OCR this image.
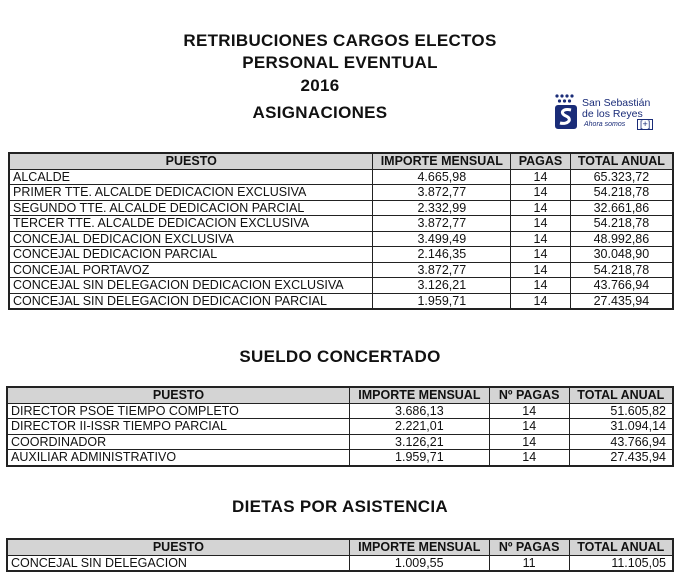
RETRIBUCIONES CARGOS ELECTOS
PERSONAL EVENTUAL
2016
ASIGNACIONES	San Sebastián
de los Reyes
Ahora somos	[+]
PUESTO	IMPORTE MENSUAL	PAGAS	TOTAL ANUAL
ALCALDE	4.665,98	14	65.323,72
PRIMER TTE. ALCALDE DEDICACION EXCLUSIVA	3.872,77	14	54.218,78
SEGUNDO TTE. ALCALDE DEDICACION PARCIAL	2.332,99	14	32.661,86
TERCER TTE. ALCALDE DEDICACION EXCLUSIVA	3.872,77	14	54.218,78
CONCEJAL DEDICACION EXCLUSIVA	3.499,49	14	48.992,86
CONCEJAL DEDICACION PARCIAL	2.146,35	14	30.048,90
CONCEJAL PORTAVOZ	3.872,77	14	54.218,78
CONCEJAL SIN DELEGACION DEDICACION EXCLUSIVA	3.126,21	14	43.766,94
CONCEJAL SIN DELEGACION DEDICACION PARCIAL	1.959,71	14	27.435,94
SUELDO CONCERTADO
PUESTO	IMPORTE MENSUAL	Nº PAGAS	TOTAL ANUAL
DIRECTOR PSOE TIEMPO COMPLETO	3.686,13	14	51.605,82
DIRECTOR II-ISSR TIEMPO PARCIAL	2.221,01	14	31.094,14
COORDINADOR	3.126,21	14	43.766,94
AUXILIAR ADMINISTRATIVO	1.959,71	14	27.435,94
DIETAS POR ASISTENCIA
PUESTO	IMPORTE MENSUAL	Nº PAGAS	TOTAL ANUAL
CONCEJAL SIN DELEGACION	1.009,55	11	11.105,05
